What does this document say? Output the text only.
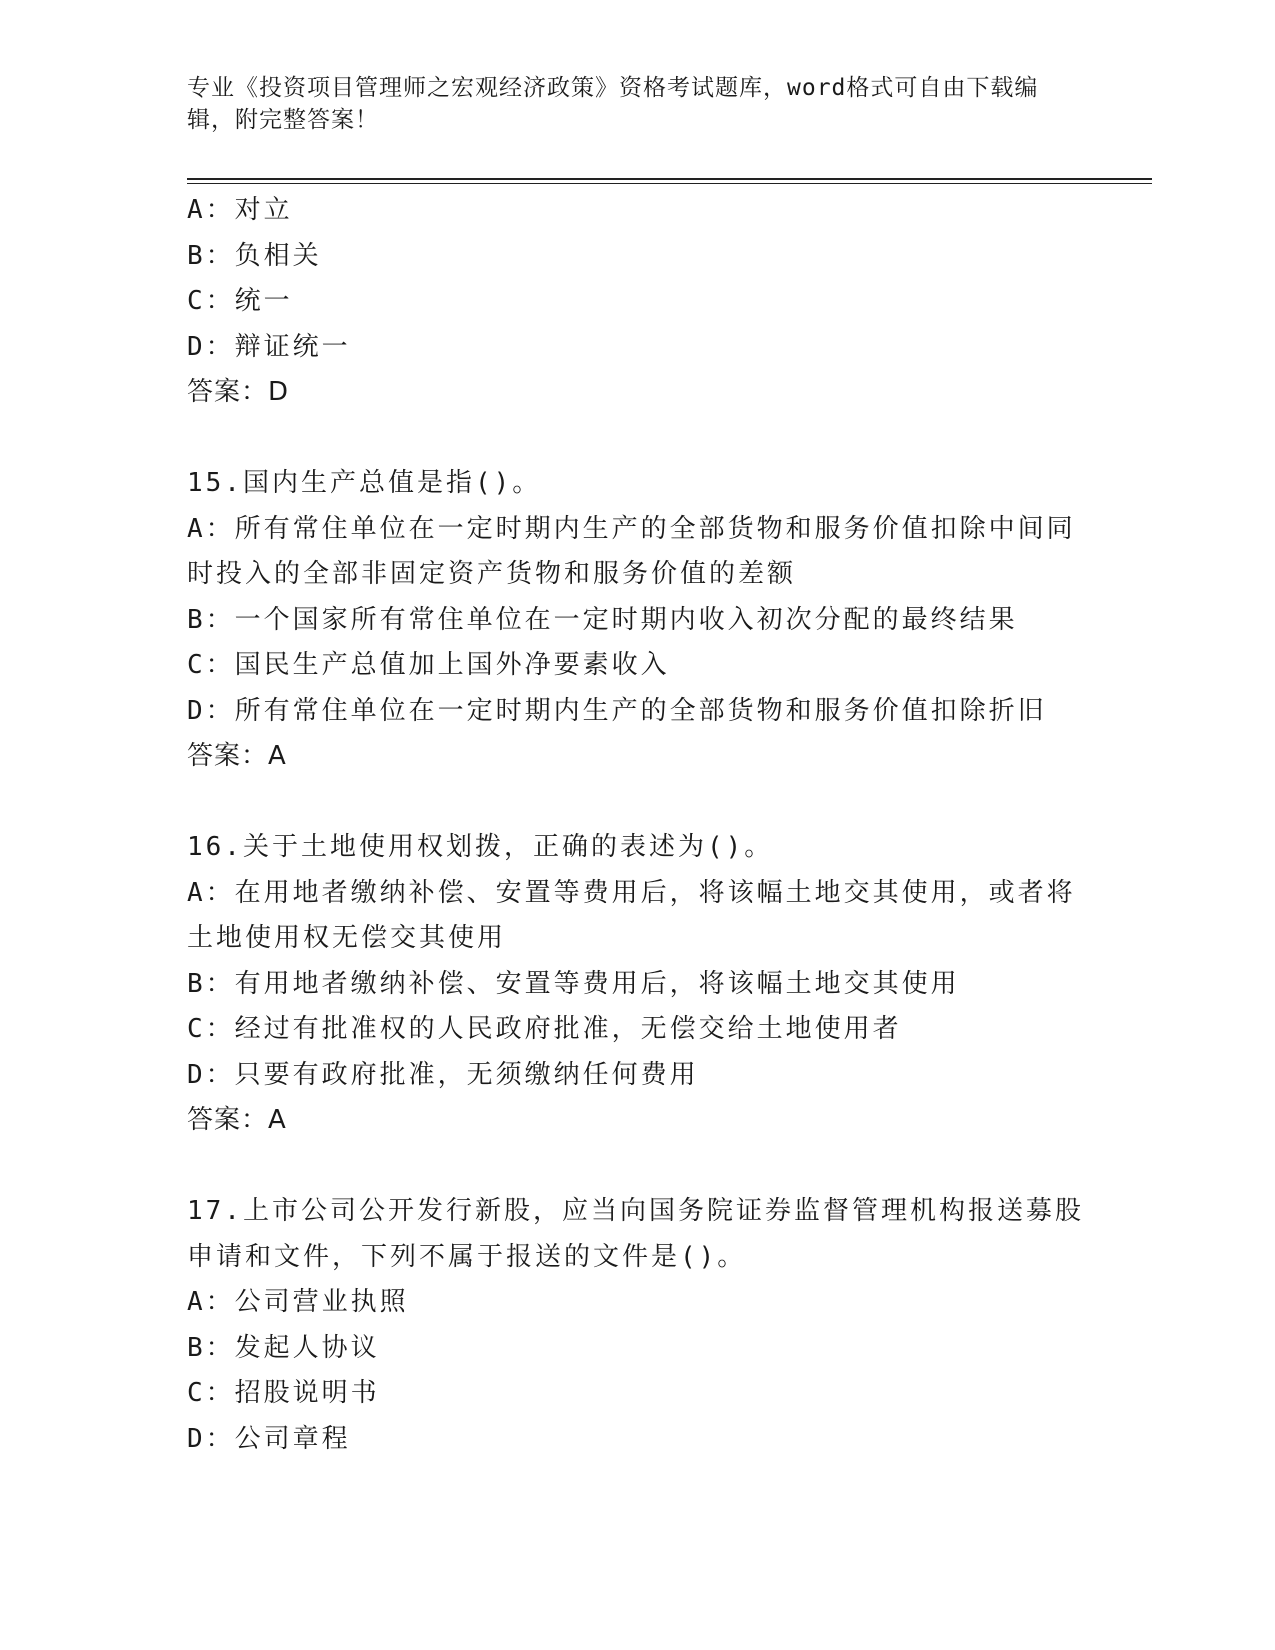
专业《投资项目管理师之宏观经济政策》资格考试题库，word格式可自由下载编
辑，附完整答案！
A：对立
B：负相关
C：统一
D：辩证统一
答案：D
15.国内生产总值是指()。
A：所有常住单位在一定时期内生产的全部货物和服务价值扣除中间同
时投入的全部非固定资产货物和服务价值的差额
B：一个国家所有常住单位在一定时期内收入初次分配的最终结果
C：国民生产总值加上国外净要素收入
D：所有常住单位在一定时期内生产的全部货物和服务价值扣除折旧
答案：A
16.关于土地使用权划拨，正确的表述为()。
A：在用地者缴纳补偿、安置等费用后，将该幅土地交其使用，或者将
土地使用权无偿交其使用
B：有用地者缴纳补偿、安置等费用后，将该幅土地交其使用
C：经过有批准权的人民政府批准，无偿交给土地使用者
D：只要有政府批准，无须缴纳任何费用
答案：A
17.上市公司公开发行新股，应当向国务院证券监督管理机构报送募股
申请和文件，下列不属于报送的文件是()。
A：公司营业执照
B：发起人协议
C：招股说明书
D：公司章程
